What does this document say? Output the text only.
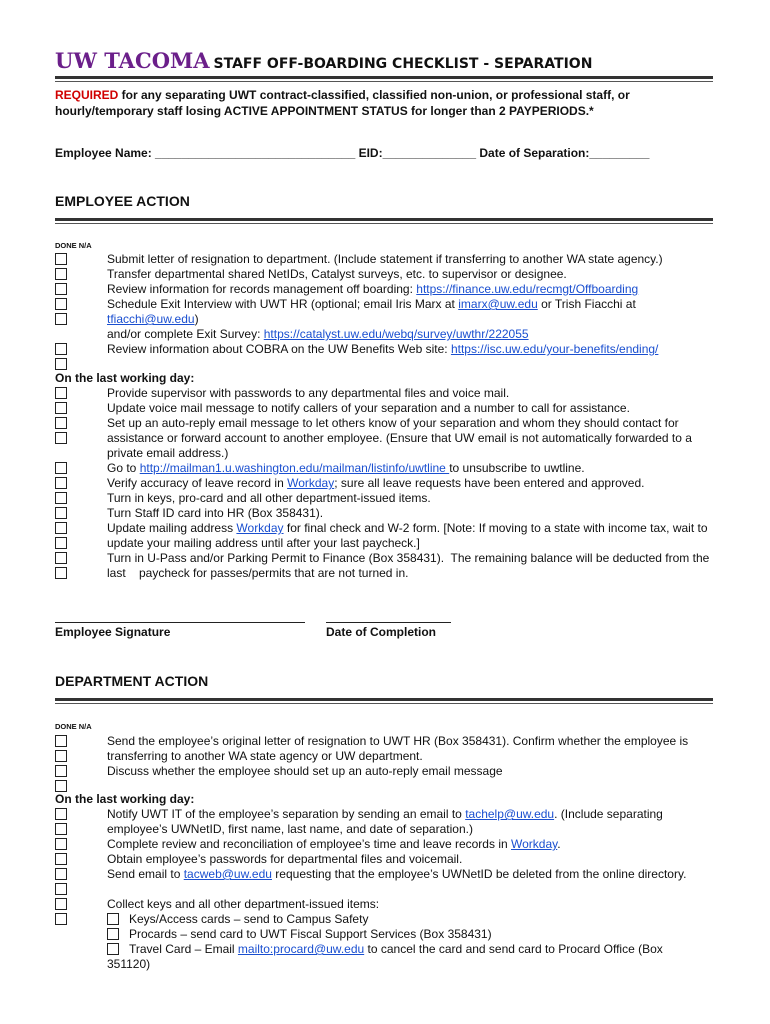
UW TACOMA STAFF OFF-BOARDING CHECKLIST - SEPARATION
REQUIRED for any separating UWT contract-classified, classified non-union, or professional staff, or hourly/temporary staff losing ACTIVE APPOINTMENT STATUS for longer than 2 PAYPERIODS.*
Employee Name: ______________________________ EID:______________ Date of Separation:_________
EMPLOYEE ACTION
DONE N/A
Submit letter of resignation to department. (Include statement if transferring to another WA state agency.)
Transfer departmental shared NetIDs, Catalyst surveys, etc. to supervisor or designee.
Review information for records management off boarding: https://finance.uw.edu/recmgt/Offboarding
Schedule Exit Interview with UWT HR (optional; email Iris Marx at imarx@uw.edu or Trish Fiacchi at
tfiacchi@uw.edu)
and/or complete Exit Survey: https://catalyst.uw.edu/webq/survey/uwthr/222055
Review information about COBRA on the UW Benefits Web site: https://isc.uw.edu/your-benefits/ending/
On the last working day:
Provide supervisor with passwords to any departmental files and voice mail.
Update voice mail message to notify callers of your separation and a number to call for assistance.
Set up an auto-reply email message to let others know of your separation and whom they should contact for assistance or forward account to another employee. (Ensure that UW email is not automatically forwarded to a private email address.)
Go to http://mailman1.u.washington.edu/mailman/listinfo/uwtline to unsubscribe to uwtline.
Verify accuracy of leave record in Workday; sure all leave requests have been entered and approved.
Turn in keys, pro-card and all other department-issued items.
Turn Staff ID card into HR (Box 358431).
Update mailing address Workday for final check and W-2 form. [Note: If moving to a state with income tax, wait to update your mailing address until after your last paycheck.]
Turn in U-Pass and/or Parking Permit to Finance (Box 358431).  The remaining balance will be deducted from the last    paycheck for passes/permits that are not turned in.
Employee Signature	Date of Completion
DEPARTMENT ACTION
DONE N/A
Send the employee’s original letter of resignation to UWT HR (Box 358431). Confirm whether the employee is transferring to another WA state agency or UW department.
Discuss whether the employee should set up an auto-reply email message
On the last working day:
Notify UWT IT of the employee’s separation by sending an email to tachelp@uw.edu. (Include separating employee’s UWNetID, first name, last name, and date of separation.)
Complete review and reconciliation of employee’s time and leave records in Workday.
Obtain employee’s passwords for departmental files and voicemail.
Send email to tacweb@uw.edu requesting that the employee’s UWNetID be deleted from the online directory.
Collect keys and all other department-issued items:
Keys/Access cards – send to Campus Safety
Procards – send card to UWT Fiscal Support Services (Box 358431)
Travel Card – Email mailto:procard@uw.edu to cancel the card and send card to Procard Office (Box 351120)
